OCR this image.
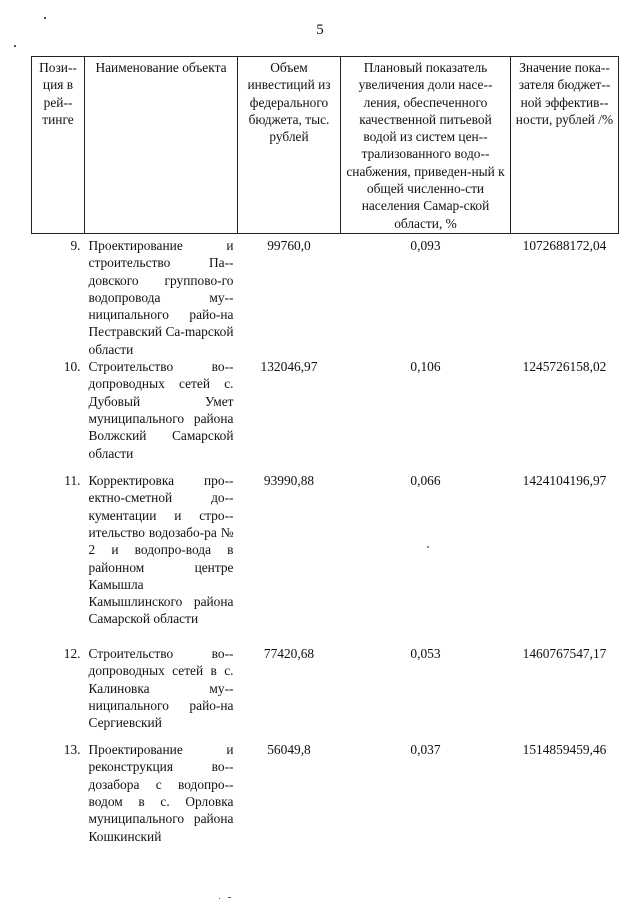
5
Пози-ция в рей-тинге	Наименование объекта	Объем инвестиций из федерального бюджета, тыс. рублей	Плановый показатель увеличения доли насе-ления, обеспеченного качественной питьевой водой из систем цен-трализованного водо-снабжения, приведен-ный к общей численно-сти населения Самар-ской области, %	Значение пока-зателя бюджет-ной эффектив-ности, рублей /%
9.	Проектирование и строительство Па-довского группово-го водопровода му-ниципального райо-на Пестравский Са-mарской области	99760,0	0,093	1072688172,04
10.	Строительство во-допроводных сетей с. Дубовый Умет муниципального района Волжский Самарской области	132046,97	0,106	1245726158,02
11.	Корректировка про-ектно-сметной до-кументации и стро-ительство водозабо-ра № 2 и водопро-вода в районном центре Камышла Камышлинского района Самарской области	93990,88	0,066	1424104196,97
12.	Строительство во-допроводных сетей в с. Калиновка му-ниципального райо-на Сергиевский	77420,68	0,053	1460767547,17
13.	Проектирование и реконструкция во-дозабора с водопро-водом в с. Орловка муниципального района Кошкинский	56049,8	0,037	1514859459,46
